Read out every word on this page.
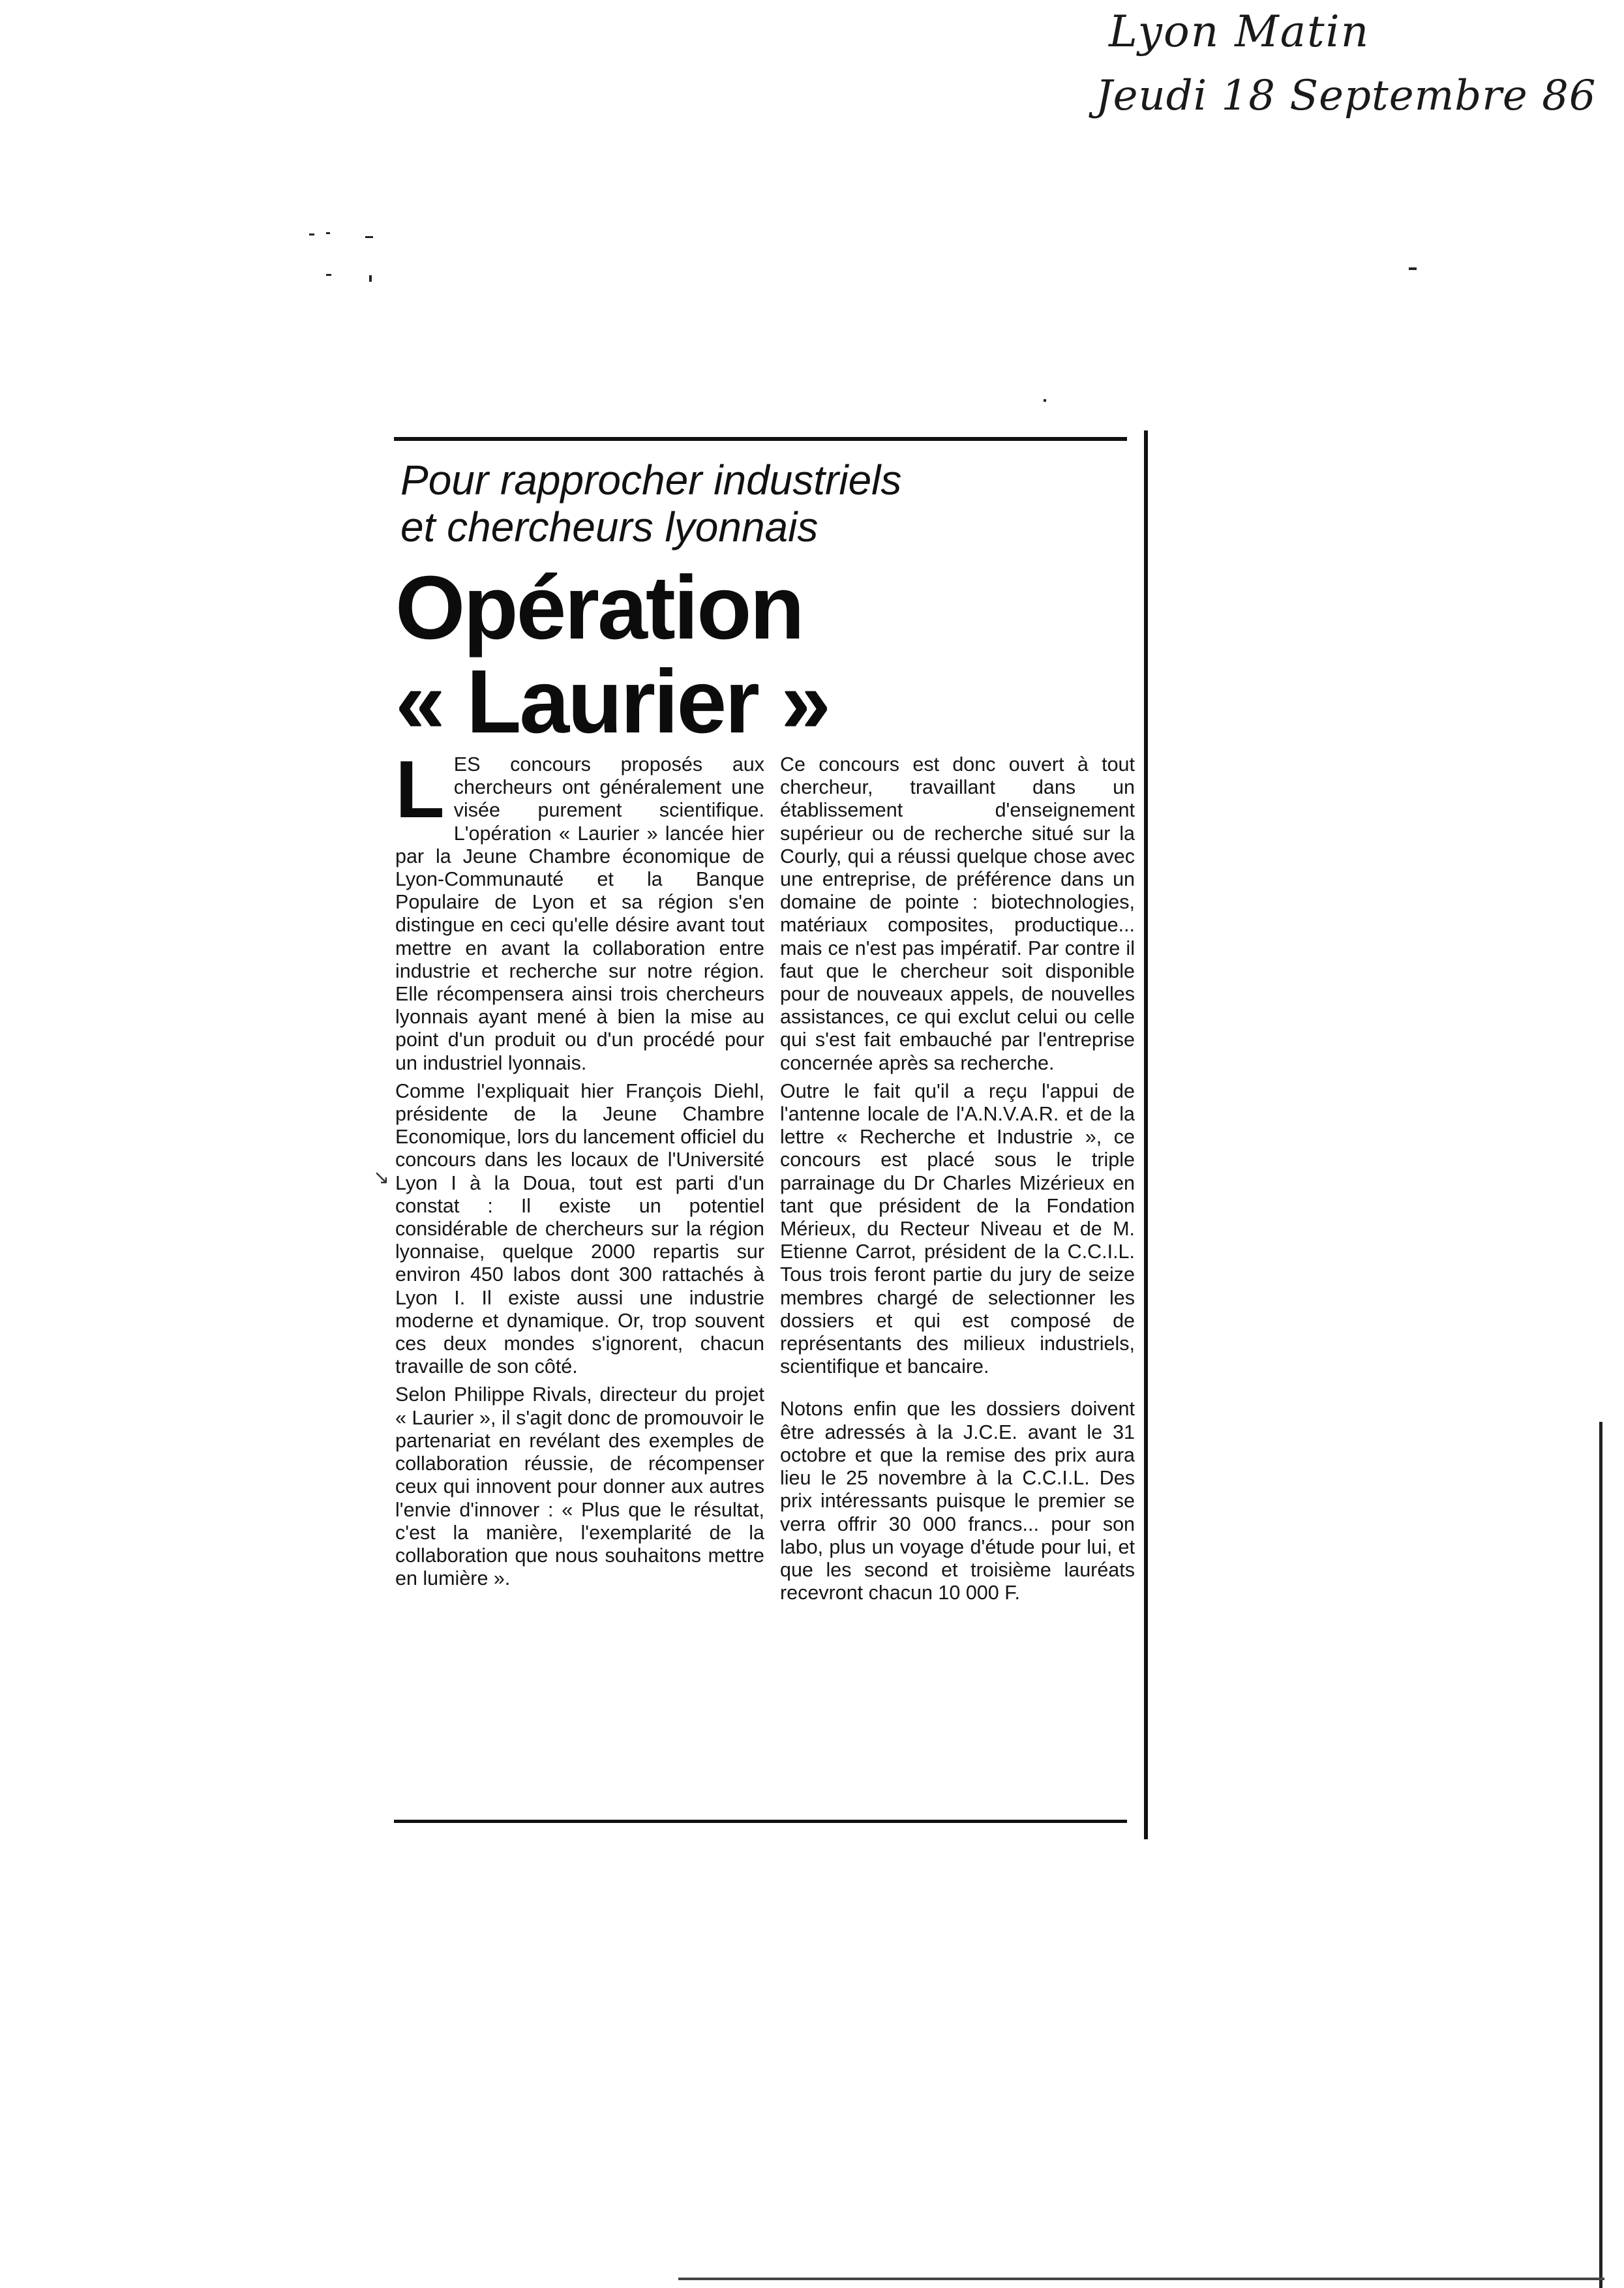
Lyon Matin
Jeudi 18 Septembre 86
Pour rapprocher industriels
et chercheurs lyonnais
Opération
« Laurier »
↘

L ES concours proposés aux chercheurs ont généralement une visée purement scientifique. L'opération « Laurier » lancée hier par la Jeune Chambre économique de Lyon-Communauté et la Banque Populaire de Lyon et sa région s'en distingue en ceci qu'elle désire avant tout mettre en avant la collaboration entre industrie et recherche sur notre région. Elle récompensera ainsi trois chercheurs lyonnais ayant mené à bien la mise au point d'un produit ou d'un procédé pour un industriel lyonnais.

Comme l'expliquait hier François Diehl, présidente de la Jeune Chambre Economique, lors du lancement officiel du concours dans les locaux de l'Université Lyon I à la Doua, tout est parti d'un constat : Il existe un potentiel considérable de chercheurs sur la région lyonnaise, quelque 2000 repartis sur environ 450 labos dont 300 rattachés à Lyon I. Il existe aussi une industrie moderne et dynamique. Or, trop souvent ces deux mondes s'ignorent, chacun travaille de son côté.

Selon Philippe Rivals, directeur du projet « Laurier », il s'agit donc de promouvoir le partenariat en revélant des exemples de collaboration réussie, de récompenser ceux qui innovent pour donner aux autres l'envie d'innover : « Plus que le résultat, c'est la manière, l'exemplarité de la collaboration que nous souhaitons mettre en lumière ».

Ce concours est donc ouvert à tout chercheur, travaillant dans un établissement d'enseignement supérieur ou de recherche situé sur la Courly, qui a réussi quelque chose avec une entreprise, de préférence dans un domaine de pointe : biotechnologies, matériaux composites, productique... mais ce n'est pas impératif. Par contre il faut que le chercheur soit disponible pour de nouveaux appels, de nouvelles assistances, ce qui exclut celui ou celle qui s'est fait embauché par l'entreprise concernée après sa recherche.

Outre le fait qu'il a reçu l'appui de l'antenne locale de l'A.N.V.A.R. et de la lettre « Recherche et Industrie », ce concours est placé sous le triple parrainage du Dr Charles Mizérieux en tant que président de la Fondation Mérieux, du Recteur Niveau et de M. Etienne Carrot, président de la C.C.I.L. Tous trois feront partie du jury de seize membres chargé de selectionner les dossiers et qui est composé de représentants des milieux industriels, scientifique et bancaire.

Notons enfin que les dossiers doivent être adressés à la J.C.E. avant le 31 octobre et que la remise des prix aura lieu le 25 novembre à la C.C.I.L. Des prix intéressants puisque le premier se verra offrir 30 000 francs... pour son labo, plus un voyage d'étude pour lui, et que les second et troisième lauréats recevront chacun 10 000 F.
